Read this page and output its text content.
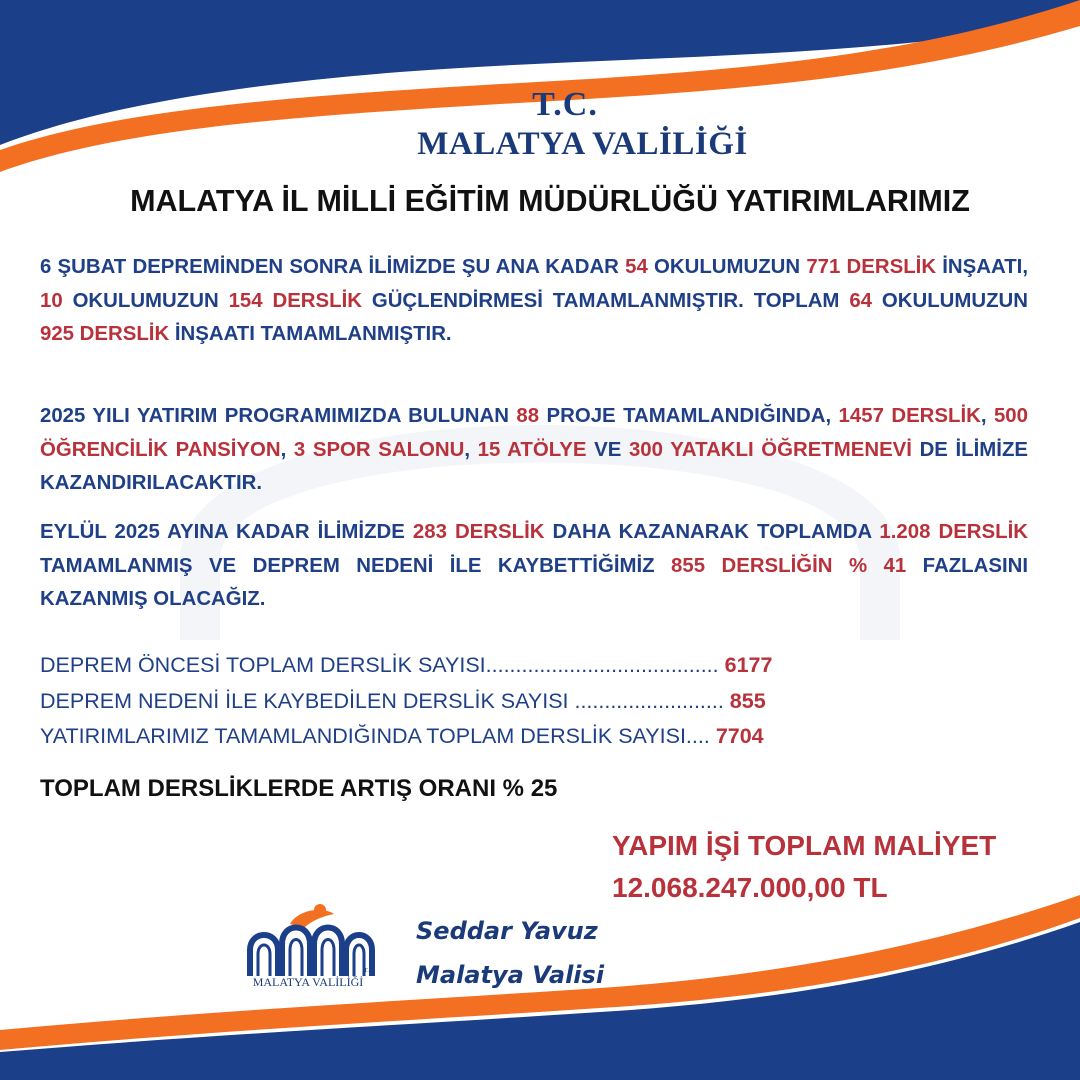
T.C.
MALATYA VALİLİĞİ
MALATYA İL MİLLİ EĞİTİM MÜDÜRLÜĞÜ YATIRIMLARIMIZ

6 ŞUBAT DEPREMİNDEN SONRA İLİMİZDE ŞU ANA KADAR 54 OKULUMUZUN 771 DERSLİK İNŞAATI, 10 OKULUMUZUN 154 DERSLİK GÜÇLENDİRMESİ TAMAMLANMIŞTIR. TOPLAM 64 OKULUMUZUN 925 DERSLİK İNŞAATI TAMAMLANMIŞTIR.

2025 YILI YATIRIM PROGRAMIMIZDA BULUNAN 88 PROJE TAMAMLANDIĞINDA, 1457 DERSLİK, 500 ÖĞRENCİLİK PANSİYON, 3 SPOR SALONU, 15 ATÖLYE VE 300 YATAKLI ÖĞRETMENEVİ DE İLİMİZE KAZANDIRILACAKTIR.

EYLÜL 2025 AYINA KADAR İLİMİZDE 283 DERSLİK DAHA KAZANARAK TOPLAMDA 1.208 DERSLİK TAMAMLANMIŞ VE DEPREM NEDENİ İLE KAYBETTİĞİMİZ 855 DERSLİĞİN % 41 FAZLASINI KAZANMIŞ OLACAĞIZ.

DEPREM ÖNCESİ TOPLAM DERSLİK SAYISI....................................... 6177
DEPREM NEDENİ İLE KAYBEDİLEN DERSLİK SAYISI ......................... 855
YATIRIMLARIMIZ TAMAMLANDIĞINDA TOPLAM DERSLİK SAYISI.... 7704
TOPLAM DERSLİKLERDE ARTIŞ ORANI % 25
YAPIM İŞİ TOPLAM MALİYET
12.068.247.000,00 TL
T.C.
MALATYA VALİLİĞİ
Seddar Yavuz
Malatya Valisi
